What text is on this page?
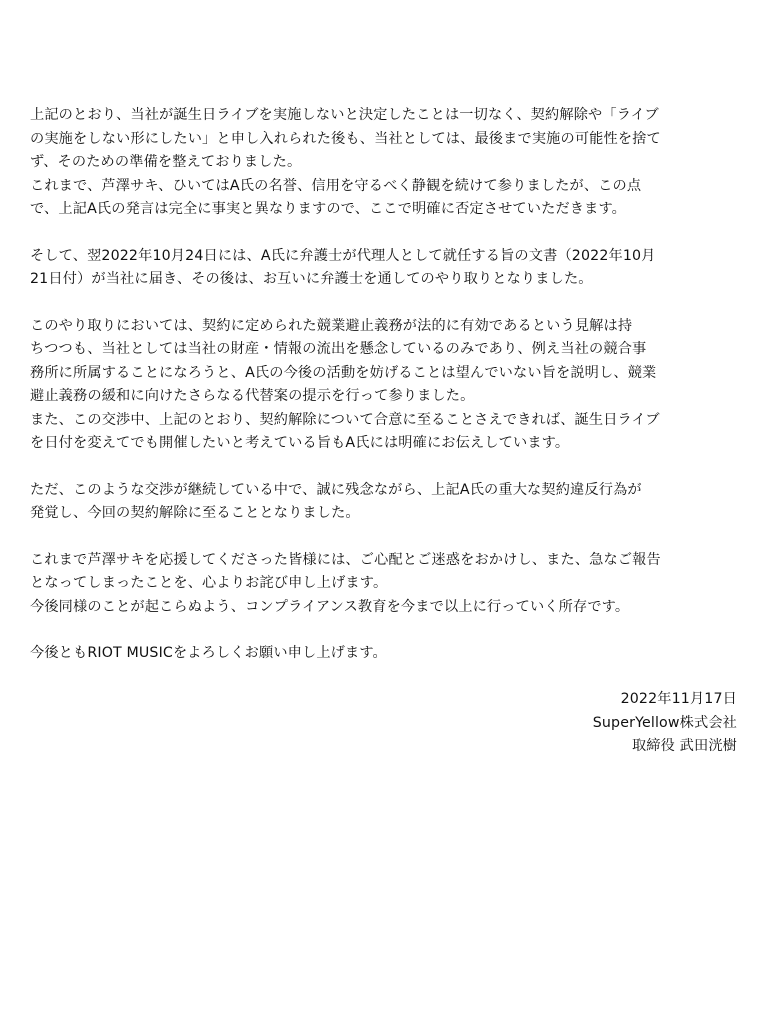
上記のとおり、当社が誕生日ライブを実施しないと決定したことは一切なく、契約解除や「ライブ
の実施をしない形にしたい」と申し入れられた後も、当社としては、最後まで実施の可能性を捨て
ず、そのための準備を整えておりました。
これまで、芦澤サキ、ひいてはA氏の名誉、信用を守るべく静観を続けて参りましたが、この点
で、上記A氏の発言は完全に事実と異なりますので、ここで明確に否定させていただきます。

そして、翌2022年10月24日には、A氏に弁護士が代理人として就任する旨の文書（2022年10月
21日付）が当社に届き、その後は、お互いに弁護士を通してのやり取りとなりました。

このやり取りにおいては、契約に定められた競業避止義務が法的に有効であるという見解は持
ちつつも、当社としては当社の財産・情報の流出を懸念しているのみであり、例え当社の競合事
務所に所属することになろうと、A氏の今後の活動を妨げることは望んでいない旨を説明し、競業
避止義務の緩和に向けたさらなる代替案の提示を行って参りました。
また、この交渉中、上記のとおり、契約解除について合意に至ることさえできれば、誕生日ライブ
を日付を変えてでも開催したいと考えている旨もA氏には明確にお伝えしています。

ただ、このような交渉が継続している中で、誠に残念ながら、上記A氏の重大な契約違反行為が
発覚し、今回の契約解除に至ることとなりました。

これまで芦澤サキを応援してくださった皆様には、ご心配とご迷惑をおかけし、また、急なご報告
となってしまったことを、心よりお詫び申し上げます。
今後同様のことが起こらぬよう、コンプライアンス教育を今まで以上に行っていく所存です。

今後ともRIOT MUSICをよろしくお願い申し上げます。

2022年11月17日
SuperYellow株式会社
取締役 武田洸樹
